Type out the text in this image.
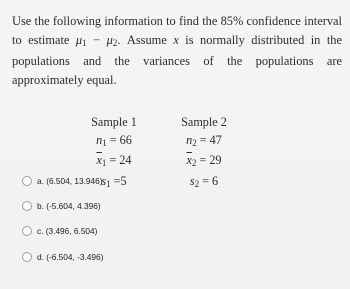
Use the following information to find the 85% confidence interval to estimate $\mu_1 - \mu_2$. Assume x is normally distributed in the populations and the variances of the populations are approximately equal.

Sample 1
$n_1 = 66$
$\overline{x}_1 = 24$
$s_1 =5$
Sample 2
$n_2 = 47$
$\overline{x}_2 = 29$
$s_2 = 6$
a. (6.504, 13.946)
b. (-5.604, 4.396)
c. (3.496, 6.504)
d. (-6.504, -3.496)
